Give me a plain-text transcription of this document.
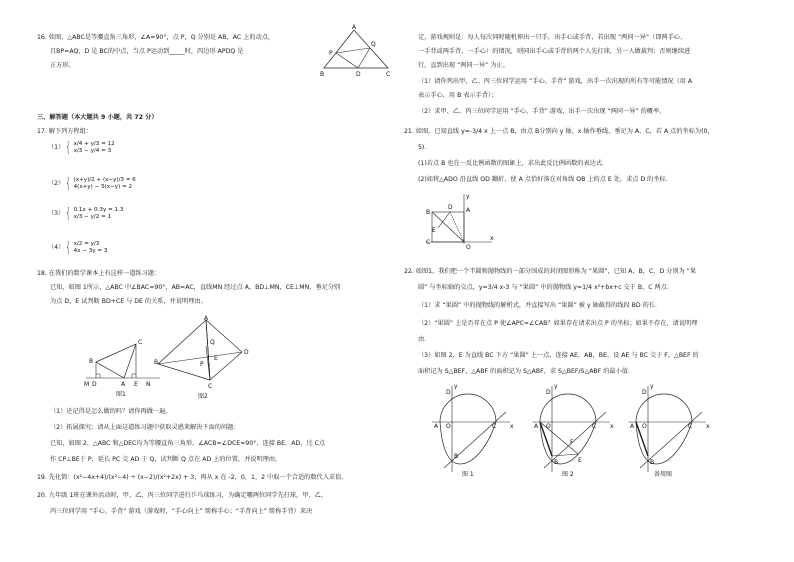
16. 如图，△ABC是等腰直角三角形，∠A=90°，点 P，Q 分别是 AB，AC 上的动点，
且BP=AQ，D 是 BC的中点，当点 P运动到_____时，四边形 APDQ 是
正方形。
A
P
Q
B	D	C
三、解答题（本大题共 9 小题，共 72 分）
17. 解下列方程组：
（1） { x/4 + y/3 = 12
x/3 − y/4 = 3
（2） { (x+y)/2 + (x−y)/3 = 6
4(x+y) − 5(x−y) = 2
（3） { 0.1x + 0.3y = 1.3
x/3 − y/2 = 1
（4） { x/2 = y/3
4x − 3y = 3
18. 在我们的数学课本上有这样一道练习题：
已知，如图 1所示，△ABC 中∠BAC=90°，AB=AC，直线MN 经过点 A，BD⊥MN，CE⊥MN，垂足分别
为点 D，E 试判断 BD+CE 与 DE 的关系，并说明理由。
B
C
M D	A E N
图1
A
B
C
D
E
Q
P
图2
（1）还记得是怎么做的吗？请你再做一遍。
（2）拓展探究：请从上面这道练习题中获取灵感来解决下面的问题：
已知，如图 2，△ABC 和△DEC均为等腰直角三角形，∠ACB=∠DCE=90°，连接 BE，AD，过 C点
作 CP⊥BE于 P，延长 PC 交 AD 于 Q，试判断 Q 点在 AD 上的位置，并说明理由。
19. 先化简：(x²−4x+4)/(x²−4) ÷ (x−2)/(x²+2x) + 3，再从 x 在 -2，0，1，2 中取一个合适的数代入求值。
20. 九年级 1班在课外活动时，甲、乙、丙三位同学进行乒乓球练习，为确定哪两位同学先打球，甲、乙、
丙三位同学用 “手心、手背” 游戏（游戏时，“手心向上” 简称手心；“手背向上” 简称手背）来决
定，游戏规则是：每人每次同时随机伸出一只手，出手心或手背，若出现 “两同一异”（即两手心、
一手背或两手背、一手心）的情况，则同出手心或手背的两个人先打球，另一人做裁判；否则继续进
行，直到出现 “两同一异” 为止。
（1）请你列出甲、乙、丙三位同学运用 “手心、手背” 游戏，出手一次出现的所有等可能情况（用 A
表示手心，用 B 表示手背）；
（2）求甲、乙、丙三位同学运用 “手心、手背” 游戏，出手一次出现 “两同一异” 的概率。
21. 如图，已知直线 y=-3/4 x 上一点 B，由点 B分别向 y 轴、x 轴作垂线，垂足为 A、C，若 A 点的坐标为(0，
5)．
(1)若点 B 也在一反比例函数的图象上，求出此反比例函数的表达式．
(2)如将△ADO 沿直线 OD 翻折，使 A 点恰好落在对角线 OB 上的点 E 处，求点 D 的坐标．
y
A
D
B
E
C
O
x
22. 如图1，我们把一个半圆和抛物线的一部分围成的封闭图形称为 “果圆”，已知 A，B，C，D 分别为 “果
圆” 与坐标轴的交点，y=3/4 x-3 与 “果圆” 中的抛物线 y=1/4 x²+bx+c 交于 B，C 两点．
（1）求 “果圆” 中的抛物线的解析式，并直接写出 “果圆” 被 y 轴截得的线段 BD 的长．
（2）“果圆” 上是否存在点 P 使∠APC=∠CAB？如果存在请求出点 P 的坐标；如果不存在，请说明理
由．
（3）如图 2，E 为直线 BC 下方 “果圆” 上一点，连接 AE，AB，BE，设 AE 与 BC 交于 F，△BEF 的
面积记为 S△BEF，△ABF 的面积记为 S△ABF，求 S△BEF/S△ABF 的最小值．
y
D
A O	C x
B
图 1
y
D
A O	C x
B	E
F
图 2
y
D
A O	C x
B
备用图
